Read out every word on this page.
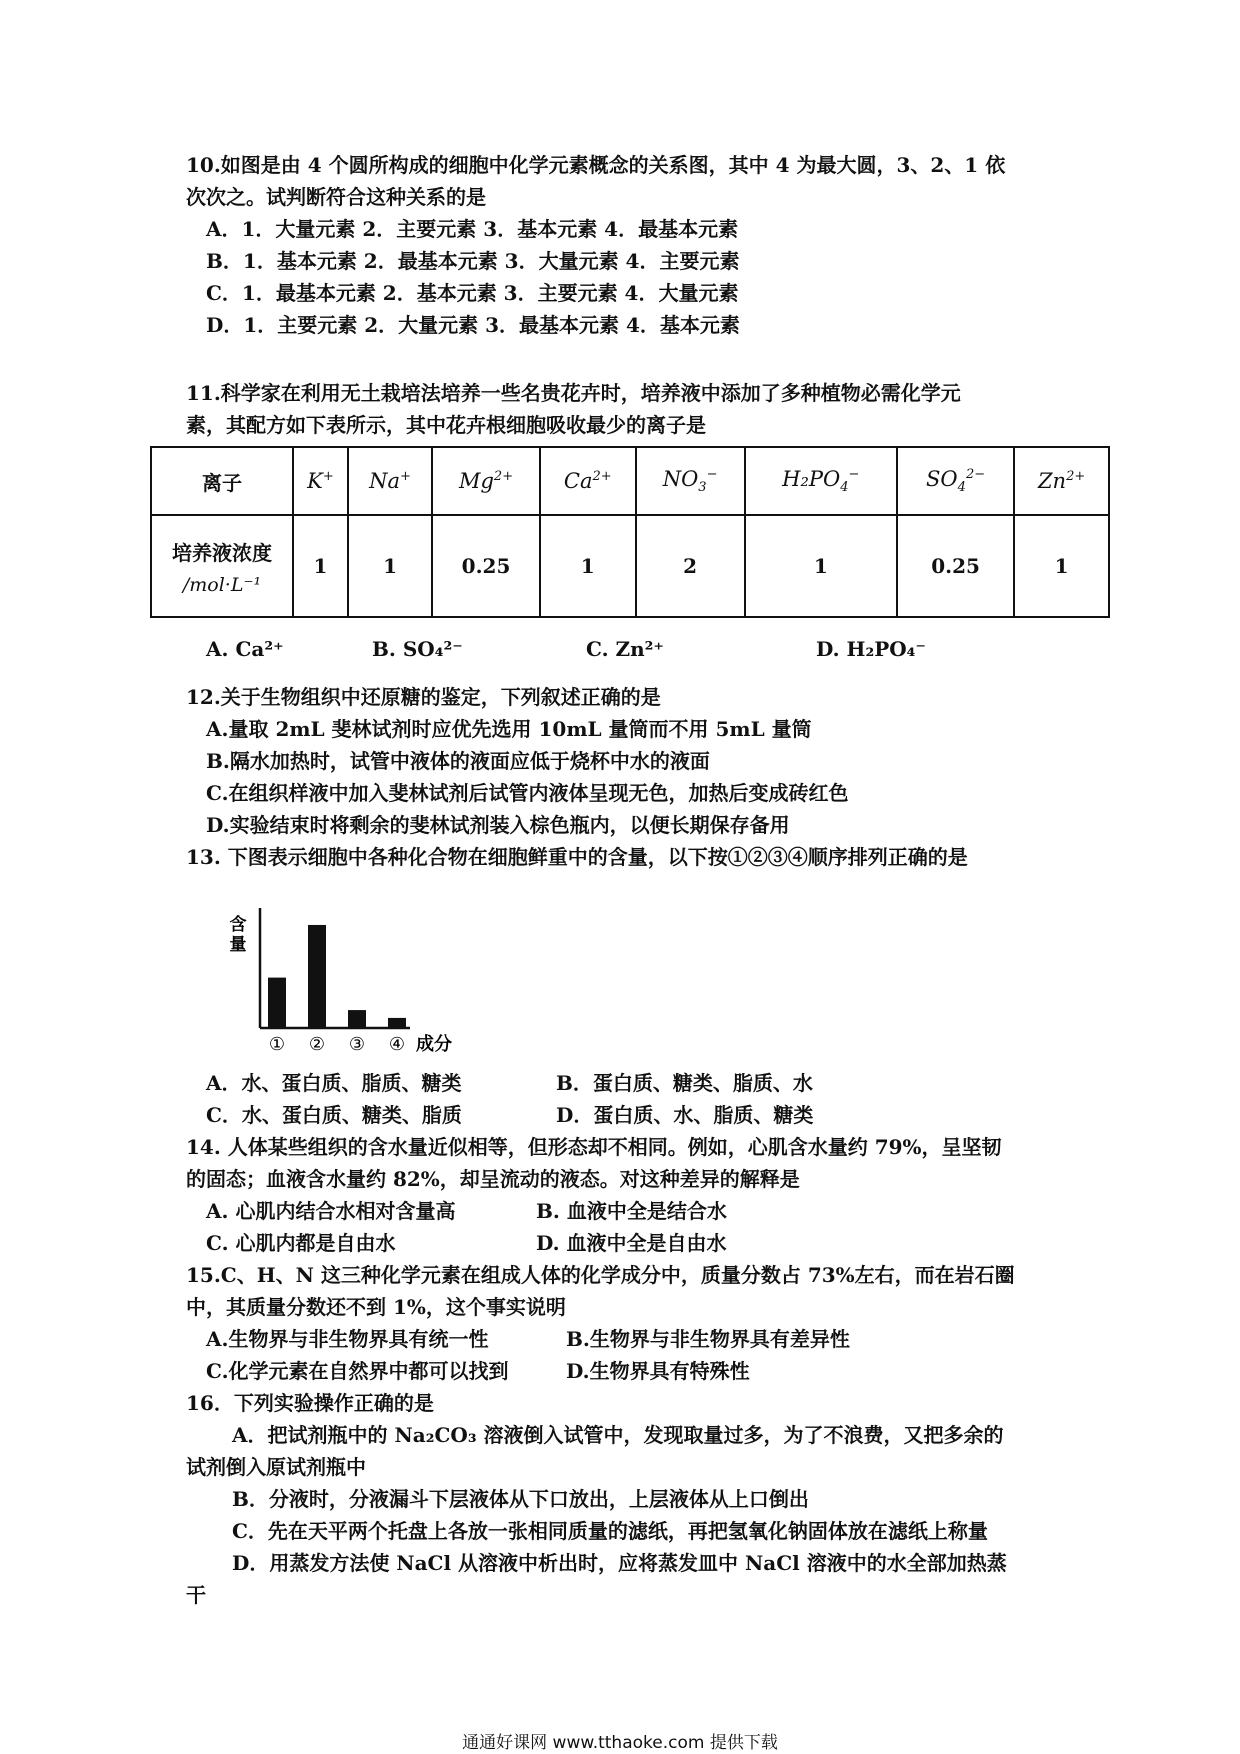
10.如图是由 4 个圆所构成的细胞中化学元素概念的关系图，其中 4 为最大圆，3、2、1 依
次次之。试判断符合这种关系的是
A．1．大量元素 2．主要元素 3．基本元素 4．最基本元素
B．1．基本元素 2．最基本元素 3．大量元素 4．主要元素
C．1．最基本元素 2．基本元素 3．主要元素 4．大量元素
D．1．主要元素 2．大量元素 3．最基本元素 4．基本元素
11.科学家在利用无土栽培法培养一些名贵花卉时，培养液中添加了多种植物必需化学元
素，其配方如下表所示，其中花卉根细胞吸收最少的离子是
离子	K+	Na+	$Mg^{2+}$	$Ca^{2+}$	$NO_3^-$	$H_2PO_4^-$	$SO_4^{2-}$	$Zn^{2+}$
培养液浓度
/mol·L⁻¹	1	1	0.25	1	2	1	0.25	1
A. Ca²⁺	B. SO₄²⁻	C. Zn²⁺	D. H₂PO₄⁻
12.关于生物组织中还原糖的鉴定，下列叙述正确的是
A.量取 2mL 斐林试剂时应优先选用 10mL 量筒而不用 5mL 量筒
B.隔水加热时，试管中液体的液面应低于烧杯中水的液面
C.在组织样液中加入斐林试剂后试管内液体呈现无色，加热后变成砖红色
D.实验结束时将剩余的斐林试剂装入棕色瓶内，以便长期保存备用
13. 下图表示细胞中各种化合物在细胞鲜重中的含量，以下按①②③④顺序排列正确的是
含
量
① ② ③ ④ 成分
A．水、蛋白质、脂质、糖类	B．蛋白质、糖类、脂质、水
C．水、蛋白质、糖类、脂质	D．蛋白质、水、脂质、糖类
14. 人体某些组织的含水量近似相等，但形态却不相同。例如，心肌含水量约 79%，呈坚韧
的固态；血液含水量约 82%，却呈流动的液态。对这种差异的解释是
A. 心肌内结合水相对含量高	B. 血液中全是结合水
C. 心肌内都是自由水	D. 血液中全是自由水
15.C、H、N 这三种化学元素在组成人体的化学成分中，质量分数占 73%左右，而在岩石圈
中，其质量分数还不到 1%，这个事实说明
A.生物界与非生物界具有统一性	B.生物界与非生物界具有差异性
C.化学元素在自然界中都可以找到	D.生物界具有特殊性
16．下列实验操作正确的是
A．把试剂瓶中的 Na₂CO₃ 溶液倒入试管中，发现取量过多，为了不浪费，又把多余的
试剂倒入原试剂瓶中
B．分液时，分液漏斗下层液体从下口放出，上层液体从上口倒出
C．先在天平两个托盘上各放一张相同质量的滤纸，再把氢氧化钠固体放在滤纸上称量
D．用蒸发方法使 NaCl 从溶液中析出时，应将蒸发皿中 NaCl 溶液中的水全部加热蒸
干
通通好课网 www.tthaoke.com 提供下载
